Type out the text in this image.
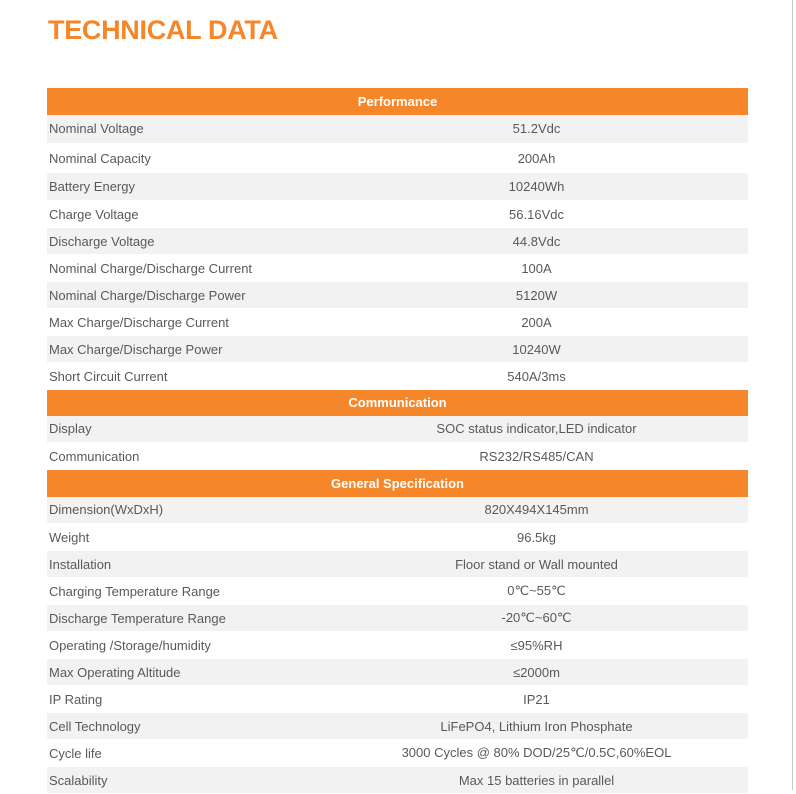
TECHNICAL DATA
Performance	
Nominal Voltage	51.2Vdc
Nominal Capacity	200Ah
Battery Energy	10240Wh
Charge Voltage	56.16Vdc
Discharge Voltage	44.8Vdc
Nominal Charge/Discharge Current	100A
Nominal Charge/Discharge Power	5120W
Max Charge/Discharge Current	200A
Max Charge/Discharge Power	10240W
Short Circuit Current	540A/3ms
Communication	
Display	SOC status indicator,LED indicator
Communication	RS232/RS485/CAN
General Specification	
Dimension(WxDxH)	820X494X145mm
Weight	96.5kg
Installation	Floor stand or Wall mounted
Charging Temperature Range	0℃~55℃
Discharge Temperature Range	-20℃~60℃
Operating /Storage/humidity	≤95%RH
Max Operating Altitude	≤2000m
IP Rating	IP21
Cell Technology	LiFePO4, Lithium Iron Phosphate
Cycle life	3000 Cycles @ 80% DOD/25℃/0.5C,60%EOL
Scalability	Max 15 batteries in parallel
